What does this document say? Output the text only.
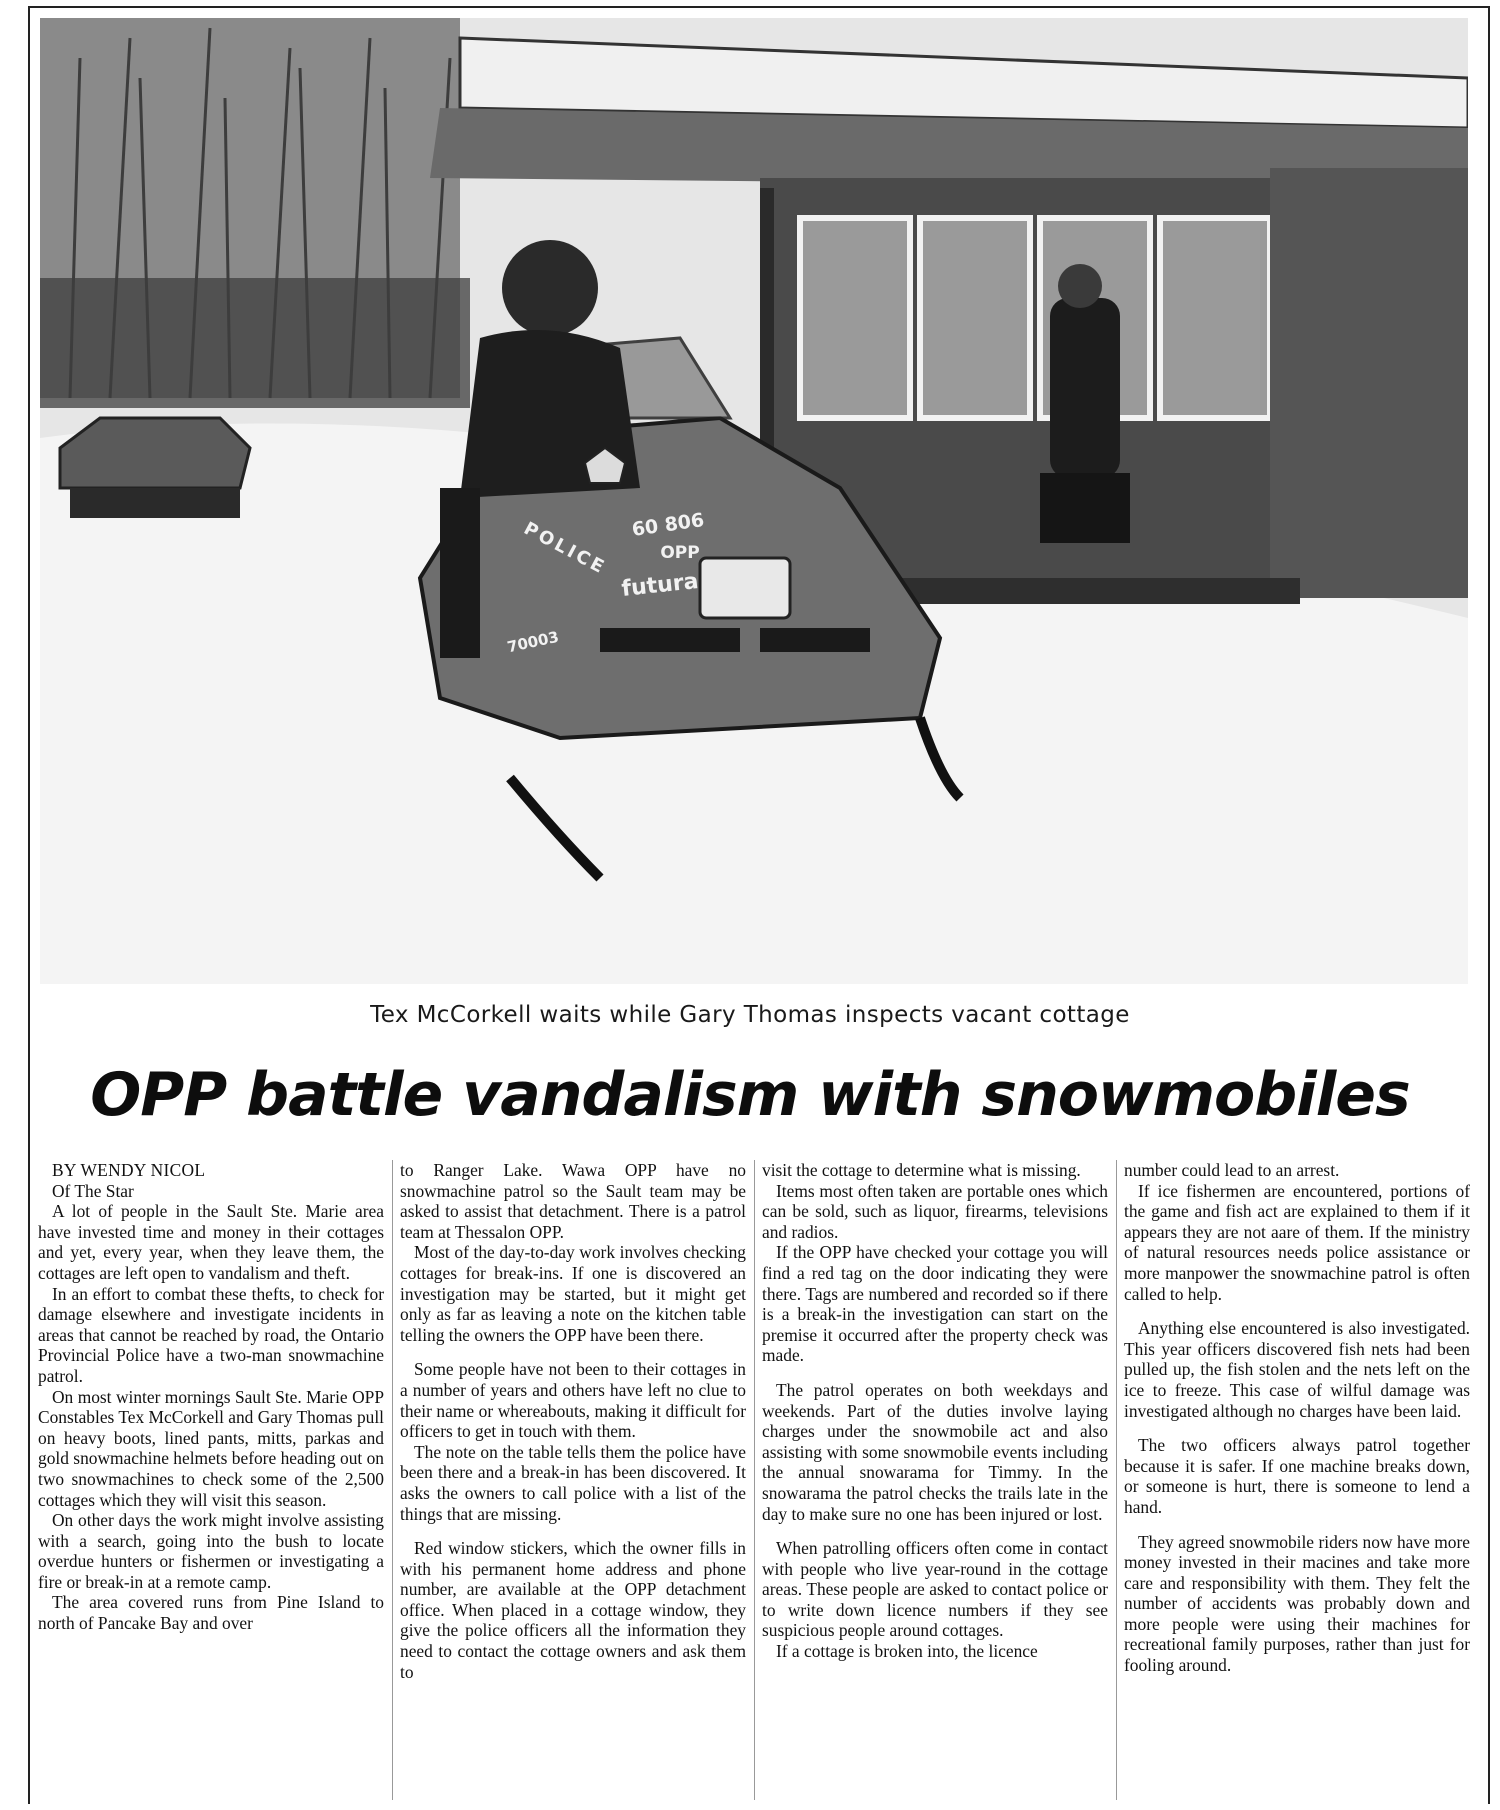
60 806
OPP
futura
POLICE
70003
Tex McCorkell waits while Gary Thomas inspects vacant cottage
OPP battle vandalism with snowmobiles

BY WENDY NICOL

Of The Star

A lot of people in the Sault Ste. Marie area have invested time and money in their cottages and yet, every year, when they leave them, the cottages are left open to vandalism and theft.

In an effort to combat these thefts, to check for damage elsewhere and investigate incidents in areas that cannot be reached by road, the Ontario Provincial Police have a two-man snowmachine patrol.

On most winter mornings Sault Ste. Marie OPP Constables Tex McCorkell and Gary Thomas pull on heavy boots, lined pants, mitts, parkas and gold snowmachine helmets before heading out on two snowmachines to check some of the 2,500 cottages which they will visit this season.

On other days the work might involve assisting with a search, going into the bush to locate overdue hunters or fishermen or investigating a fire or break-in at a remote camp.

The area covered runs from Pine Island to north of Pancake Bay and over

to Ranger Lake. Wawa OPP have no snowmachine patrol so the Sault team may be asked to assist that detachment. There is a patrol team at Thessalon OPP.

Most of the day-to-day work involves checking cottages for break-ins. If one is discovered an investigation may be started, but it might get only as far as leaving a note on the kitchen table telling the owners the OPP have been there.

Some people have not been to their cottages in a number of years and others have left no clue to their name or whereabouts, making it difficult for officers to get in touch with them.

The note on the table tells them the police have been there and a break-in has been discovered. It asks the owners to call police with a list of the things that are missing.

Red window stickers, which the owner fills in with his permanent home address and phone number, are available at the OPP detachment office. When placed in a cottage window, they give the police officers all the information they need to contact the cottage owners and ask them to

visit the cottage to determine what is missing.

Items most often taken are portable ones which can be sold, such as liquor, firearms, televisions and radios.

If the OPP have checked your cottage you will find a red tag on the door indicating they were there. Tags are numbered and recorded so if there is a break-in the investigation can start on the premise it occurred after the property check was made.

The patrol operates on both weekdays and weekends. Part of the duties involve laying charges under the snowmobile act and also assisting with some snowmobile events including the annual snowarama for Timmy. In the snowarama the patrol checks the trails late in the day to make sure no one has been injured or lost.

When patrolling officers often come in contact with people who live year-round in the cottage areas. These people are asked to contact police or to write down licence numbers if they see suspicious people around cottages.

If a cottage is broken into, the licence

number could lead to an arrest.

If ice fishermen are encountered, portions of the game and fish act are explained to them if it appears they are not aare of them. If the ministry of natural resources needs police assistance or more manpower the snowmachine patrol is often called to help.

Anything else encountered is also investigated. This year officers discovered fish nets had been pulled up, the fish stolen and the nets left on the ice to freeze. This case of wilful damage was investigated although no charges have been laid.

The two officers always patrol together because it is safer. If one machine breaks down, or someone is hurt, there is someone to lend a hand.

They agreed snowmobile riders now have more money invested in their macines and take more care and responsibility with them. They felt the number of accidents was probably down and more people were using their machines for recreational family purposes, rather than just for fooling around.
